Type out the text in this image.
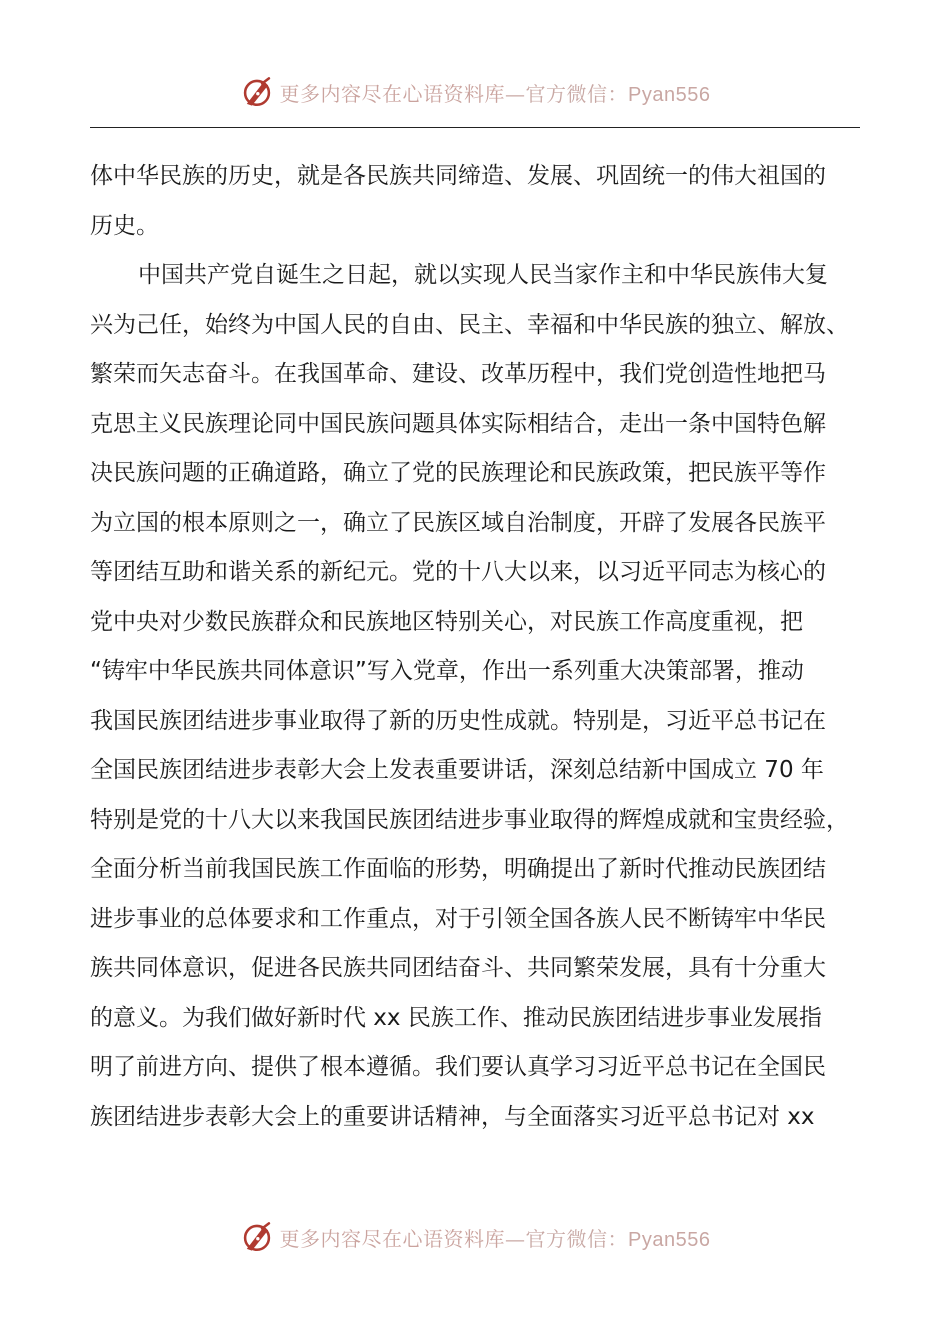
更多内容尽在心语资料库—官方微信：Pyan556
体中华民族的历史，就是各民族共同缔造、发展、巩固统一的伟大祖国的
历史。
中国共产党自诞生之日起，就以实现人民当家作主和中华民族伟大复
兴为己任，始终为中国人民的自由、民主、幸福和中华民族的独立、解放、
繁荣而矢志奋斗。在我国革命、建设、改革历程中，我们党创造性地把马
克思主义民族理论同中国民族问题具体实际相结合，走出一条中国特色解
决民族问题的正确道路，确立了党的民族理论和民族政策，把民族平等作
为立国的根本原则之一，确立了民族区域自治制度，开辟了发展各民族平
等团结互助和谐关系的新纪元。党的十八大以来，以习近平同志为核心的
党中央对少数民族群众和民族地区特别关心，对民族工作高度重视，把
“铸牢中华民族共同体意识”写入党章，作出一系列重大决策部署，推动
我国民族团结进步事业取得了新的历史性成就。特别是，习近平总书记在
全国民族团结进步表彰大会上发表重要讲话，深刻总结新中国成立 70 年
特别是党的十八大以来我国民族团结进步事业取得的辉煌成就和宝贵经验，
全面分析当前我国民族工作面临的形势，明确提出了新时代推动民族团结
进步事业的总体要求和工作重点，对于引领全国各族人民不断铸牢中华民
族共同体意识，促进各民族共同团结奋斗、共同繁荣发展，具有十分重大
的意义。为我们做好新时代 xx 民族工作、推动民族团结进步事业发展指
明了前进方向、提供了根本遵循。我们要认真学习习近平总书记在全国民
族团结进步表彰大会上的重要讲话精神，与全面落实习近平总书记对 xx
更多内容尽在心语资料库—官方微信：Pyan556
